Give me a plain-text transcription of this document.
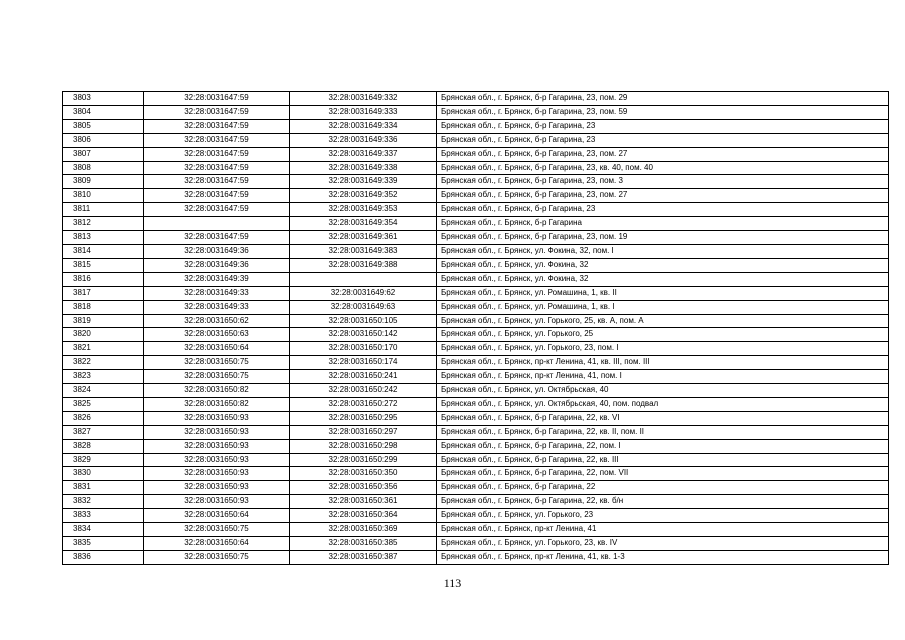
3803	32:28:0031647:59	32:28:0031649:332	Брянская обл., г. Брянск, б-р Гагарина, 23, пом. 29
3804	32:28:0031647:59	32:28:0031649:333	Брянская обл., г. Брянск, б-р Гагарина, 23, пом. 59
3805	32:28:0031647:59	32:28:0031649:334	Брянская обл., г. Брянск, б-р Гагарина, 23
3806	32:28:0031647:59	32:28:0031649:336	Брянская обл., г. Брянск, б-р Гагарина, 23
3807	32:28:0031647:59	32:28:0031649:337	Брянская обл., г. Брянск, б-р Гагарина, 23, пом. 27
3808	32:28:0031647:59	32:28:0031649:338	Брянская обл., г. Брянск, б-р Гагарина, 23, кв. 40, пом. 40
3809	32:28:0031647:59	32:28:0031649:339	Брянская обл., г. Брянск, б-р Гагарина, 23, пом. 3
3810	32:28:0031647:59	32:28:0031649:352	Брянская обл., г. Брянск, б-р Гагарина, 23, пом. 27
3811	32:28:0031647:59	32:28:0031649:353	Брянская обл., г. Брянск, б-р Гагарина, 23
3812		32:28:0031649:354	Брянская обл., г. Брянск, б-р Гагарина
3813	32:28:0031647:59	32:28:0031649:361	Брянская обл., г. Брянск, б-р Гагарина, 23, пом. 19
3814	32:28:0031649:36	32:28:0031649:383	Брянская обл., г. Брянск, ул. Фокина, 32, пом. I
3815	32:28:0031649:36	32:28:0031649:388	Брянская обл., г. Брянск, ул. Фокина, 32
3816	32:28:0031649:39		Брянская обл., г. Брянск, ул. Фокина, 32
3817	32:28:0031649:33	32:28:0031649:62	Брянская обл., г. Брянск, ул. Ромашина, 1, кв. II
3818	32:28:0031649:33	32:28:0031649:63	Брянская обл., г. Брянск, ул. Ромашина, 1, кв. I
3819	32:28:0031650:62	32:28:0031650:105	Брянская обл., г. Брянск, ул. Горького, 25, кв. А, пом. А
3820	32:28:0031650:63	32:28:0031650:142	Брянская обл., г. Брянск, ул. Горького, 25
3821	32:28:0031650:64	32:28:0031650:170	Брянская обл., г. Брянск, ул. Горького, 23, пом. I
3822	32:28:0031650:75	32:28:0031650:174	Брянская обл., г. Брянск, пр-кт Ленина, 41, кв. III, пом. III
3823	32:28:0031650:75	32:28:0031650:241	Брянская обл., г. Брянск, пр-кт Ленина, 41, пом. I
3824	32:28:0031650:82	32:28:0031650:242	Брянская обл., г. Брянск, ул. Октябрьская, 40
3825	32:28:0031650:82	32:28:0031650:272	Брянская обл., г. Брянск, ул. Октябрьская, 40, пом. подвал
3826	32:28:0031650:93	32:28:0031650:295	Брянская обл., г. Брянск, б-р Гагарина, 22, кв. VI
3827	32:28:0031650:93	32:28:0031650:297	Брянская обл., г. Брянск, б-р Гагарина, 22, кв. II, пом. II
3828	32:28:0031650:93	32:28:0031650:298	Брянская обл., г. Брянск, б-р Гагарина, 22, пом. I
3829	32:28:0031650:93	32:28:0031650:299	Брянская обл., г. Брянск, б-р Гагарина, 22, кв. III
3830	32:28:0031650:93	32:28:0031650:350	Брянская обл., г. Брянск, б-р Гагарина, 22, пом. VII
3831	32:28:0031650:93	32:28:0031650:356	Брянская обл., г. Брянск, б-р Гагарина, 22
3832	32:28:0031650:93	32:28:0031650:361	Брянская обл., г. Брянск, б-р Гагарина, 22, кв. б/н
3833	32:28:0031650:64	32:28:0031650:364	Брянская обл., г. Брянск, ул. Горького, 23
3834	32:28:0031650:75	32:28:0031650:369	Брянская обл., г. Брянск, пр-кт Ленина, 41
3835	32:28:0031650:64	32:28:0031650:385	Брянская обл., г. Брянск, ул. Горького, 23, кв. IV
3836	32:28:0031650:75	32:28:0031650:387	Брянская обл., г. Брянск, пр-кт Ленина, 41, кв. 1-3
113
